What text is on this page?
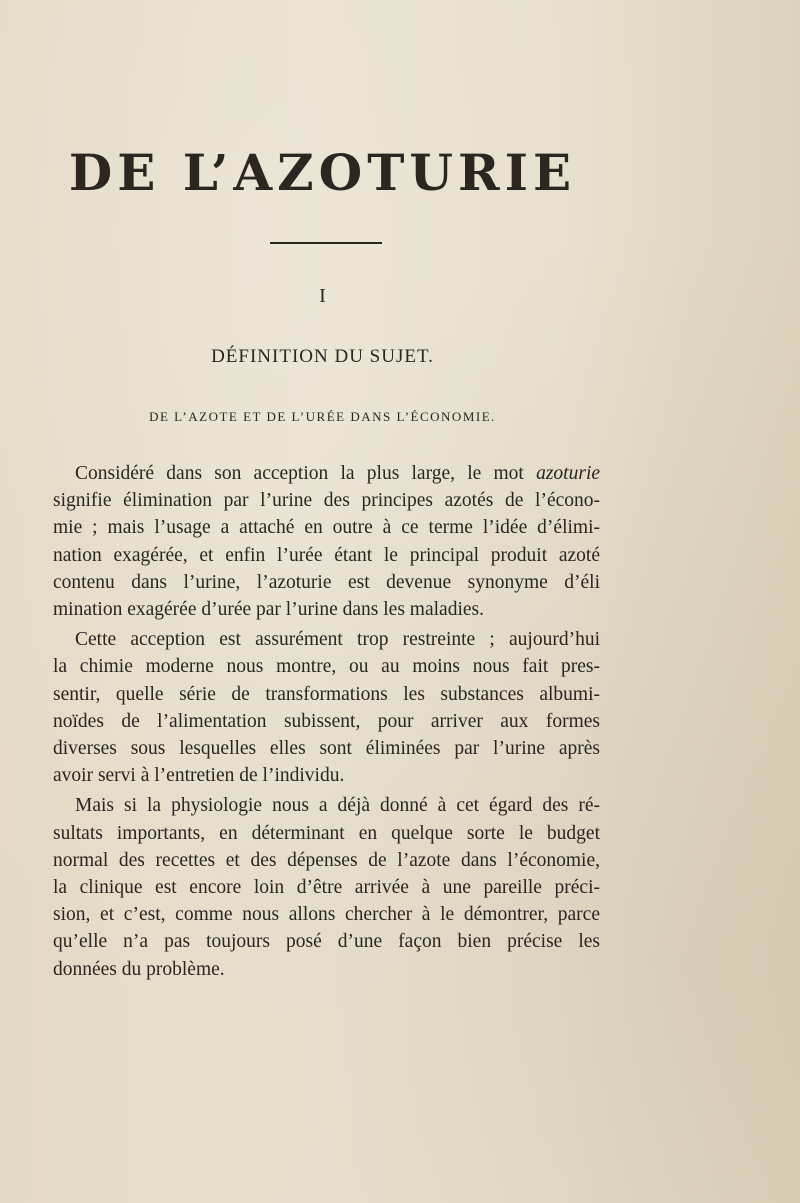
DE L’AZOTURIE
I
DÉFINITION DU SUJET.
DE L’AZOTE ET DE L’URÉE DANS L’ÉCONOMIE.
Considéré dans son acception la plus large, le mot azoturie
signifie élimination par l’urine des principes azotés de l’écono-
mie ; mais l’usage a attaché en outre à ce terme l’idée d’élimi-
nation exagérée, et enfin l’urée étant le principal produit azoté
contenu dans l’urine, l’azoturie est devenue synonyme d’éli
mination exagérée d’urée par l’urine dans les maladies.
Cette acception est assurément trop restreinte ; aujourd’hui
la chimie moderne nous montre, ou au moins nous fait pres-
sentir, quelle série de transformations les substances albumi-
noïdes de l’alimentation subissent, pour arriver aux formes
diverses sous lesquelles elles sont éliminées par l’urine après
avoir servi à l’entretien de l’individu.
Mais si la physiologie nous a déjà donné à cet égard des ré-
sultats importants, en déterminant en quelque sorte le budget
normal des recettes et des dépenses de l’azote dans l’économie,
la clinique est encore loin d’être arrivée à une pareille préci-
sion, et c’est, comme nous allons chercher à le démontrer, parce
qu’elle n’a pas toujours posé d’une façon bien précise les
données du problème.
